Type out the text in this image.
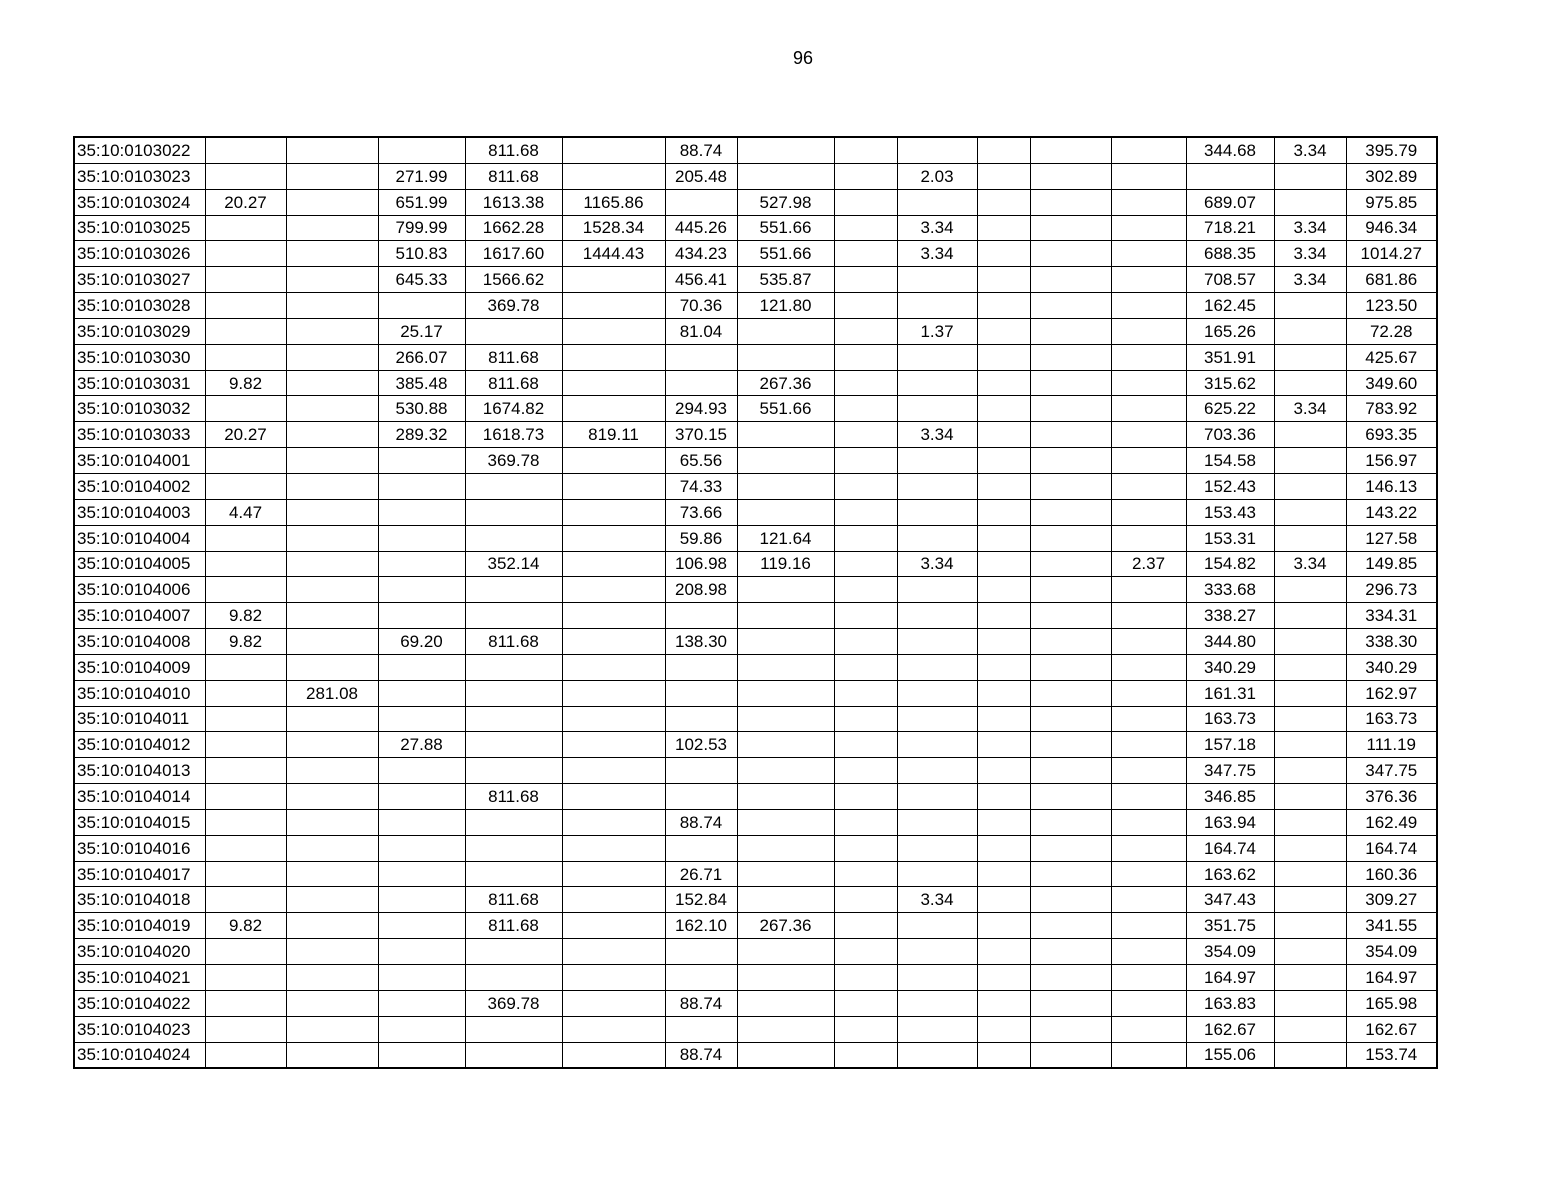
96
35:10:0103022				811.68		88.74							344.68	3.34	395.79
35:10:0103023			271.99	811.68		205.48			2.03						302.89
35:10:0103024	20.27		651.99	1613.38	1165.86		527.98						689.07		975.85
35:10:0103025			799.99	1662.28	1528.34	445.26	551.66		3.34				718.21	3.34	946.34
35:10:0103026			510.83	1617.60	1444.43	434.23	551.66		3.34				688.35	3.34	1014.27
35:10:0103027			645.33	1566.62		456.41	535.87						708.57	3.34	681.86
35:10:0103028				369.78		70.36	121.80						162.45		123.50
35:10:0103029			25.17			81.04			1.37				165.26		72.28
35:10:0103030			266.07	811.68									351.91		425.67
35:10:0103031	9.82		385.48	811.68			267.36						315.62		349.60
35:10:0103032			530.88	1674.82		294.93	551.66						625.22	3.34	783.92
35:10:0103033	20.27		289.32	1618.73	819.11	370.15			3.34				703.36		693.35
35:10:0104001				369.78		65.56							154.58		156.97
35:10:0104002						74.33							152.43		146.13
35:10:0104003	4.47					73.66							153.43		143.22
35:10:0104004						59.86	121.64						153.31		127.58
35:10:0104005				352.14		106.98	119.16		3.34			2.37	154.82	3.34	149.85
35:10:0104006						208.98							333.68		296.73
35:10:0104007	9.82												338.27		334.31
35:10:0104008	9.82		69.20	811.68		138.30							344.80		338.30
35:10:0104009													340.29		340.29
35:10:0104010		281.08											161.31		162.97
35:10:0104011													163.73		163.73
35:10:0104012			27.88			102.53							157.18		111.19
35:10:0104013													347.75		347.75
35:10:0104014				811.68									346.85		376.36
35:10:0104015						88.74							163.94		162.49
35:10:0104016													164.74		164.74
35:10:0104017						26.71							163.62		160.36
35:10:0104018				811.68		152.84			3.34				347.43		309.27
35:10:0104019	9.82			811.68		162.10	267.36						351.75		341.55
35:10:0104020													354.09		354.09
35:10:0104021													164.97		164.97
35:10:0104022				369.78		88.74							163.83		165.98
35:10:0104023													162.67		162.67
35:10:0104024						88.74							155.06		153.74
